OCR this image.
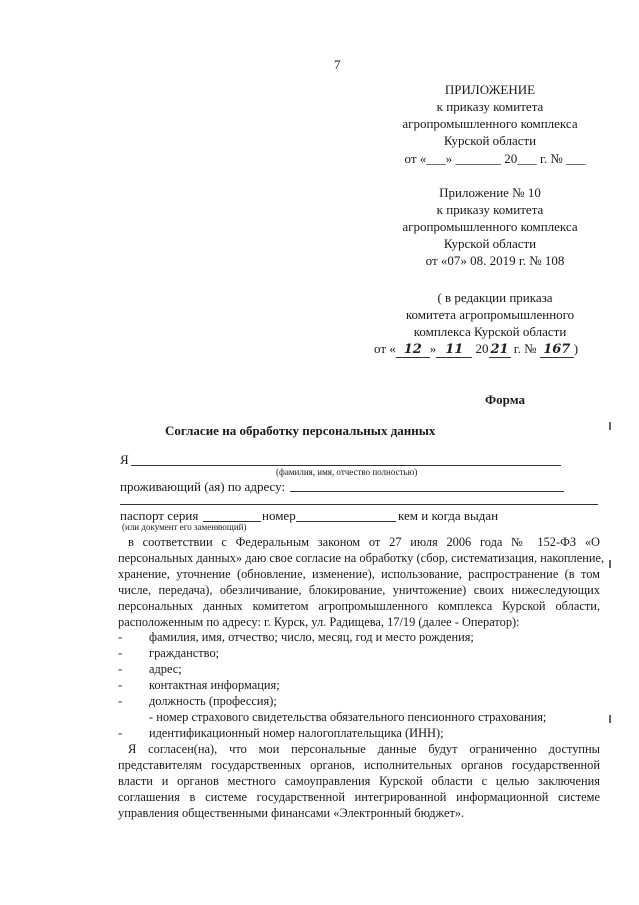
7
ПРИЛОЖЕНИЕ
к приказу комитета
агропромышленного комплекса
Курской области
от «___» _______ 20___ г. № ___
Приложение № 10
к приказу комитета
агропромышленного комплекса
Курской области
от «07» 08. 2019 г. № 108
( в редакции приказа
комитета агропромышленного
комплекса Курской области
от « 12 » 11 20 21 г. № 167 )
Форма
Согласие на обработку персональных данных
Я
(фамилия, имя, отчество полностью)
проживающий (ая) по адресу:
паспорт серия	номер	кем и когда выдан
(или документ его заменяющий)
в соответствии с Федеральным законом от 27 июля 2006 года № 152-ФЗ «О
персональных данных» даю свое согласие на обработку (сбор, систематизация, накопление,
хранение, уточнение (обновление, изменение), использование, распространение (в том
числе, передача), обезличивание, блокирование, уничтожение) своих нижеследующих
персональных данных комитетом агропромышленного комплекса Курской области,
расположенным по адресу: г. Курск, ул. Радищева, 17/19 (далее - Оператор):
- фамилия, имя, отчество; число, месяц, год и место рождения;
- гражданство;
- адрес;
- контактная информация;
- должность (профессия);
- номер страхового свидетельства обязательного пенсионного страхования;
- идентификационный номер налогоплательщика (ИНН);
Я согласен(на), что мои персональные данные будут ограниченно доступны
представителям государственных органов, исполнительных органов государственной
власти и органов местного самоуправления Курской области с целью заключения
соглашения в системе государственной интегрированной информационной системе
управления общественными финансами «Электронный бюджет».
